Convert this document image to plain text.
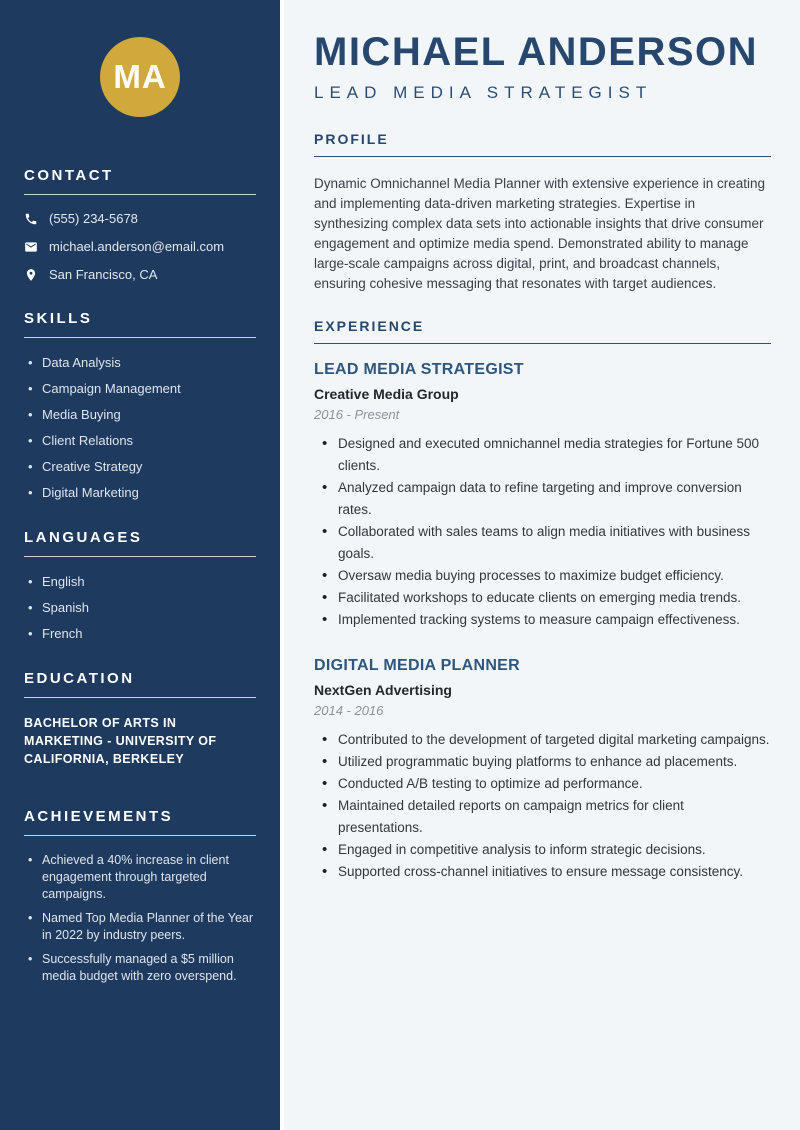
MA
CONTACT
(555) 234-5678
michael.anderson@email.com
San Francisco, CA
SKILLS
• Data Analysis
• Campaign Management
• Media Buying
• Client Relations
• Creative Strategy
• Digital Marketing
LANGUAGES
• English
• Spanish
• French
EDUCATION
BACHELOR OF ARTS IN MARKETING - UNIVERSITY OF CALIFORNIA, BERKELEY
ACHIEVEMENTS
• Achieved a 40% increase in client engagement through targeted campaigns.
• Named Top Media Planner of the Year in 2022 by industry peers.
• Successfully managed a $5 million media budget with zero overspend.
MICHAEL ANDERSON
LEAD MEDIA STRATEGIST
PROFILE

Dynamic Omnichannel Media Planner with extensive experience in creating and implementing data-driven marketing strategies. Expertise in synthesizing complex data sets into actionable insights that drive consumer engagement and optimize media spend. Demonstrated ability to manage large-scale campaigns across digital, print, and broadcast channels, ensuring cohesive messaging that resonates with target audiences.

EXPERIENCE
LEAD MEDIA STRATEGIST
Creative Media Group
2016 - Present
• Designed and executed omnichannel media strategies for Fortune 500 clients.
• Analyzed campaign data to refine targeting and improve conversion rates.
• Collaborated with sales teams to align media initiatives with business goals.
• Oversaw media buying processes to maximize budget efficiency.
• Facilitated workshops to educate clients on emerging media trends.
• Implemented tracking systems to measure campaign effectiveness.
DIGITAL MEDIA PLANNER
NextGen Advertising
2014 - 2016
• Contributed to the development of targeted digital marketing campaigns.
• Utilized programmatic buying platforms to enhance ad placements.
• Conducted A/B testing to optimize ad performance.
• Maintained detailed reports on campaign metrics for client presentations.
• Engaged in competitive analysis to inform strategic decisions.
• Supported cross-channel initiatives to ensure message consistency.
